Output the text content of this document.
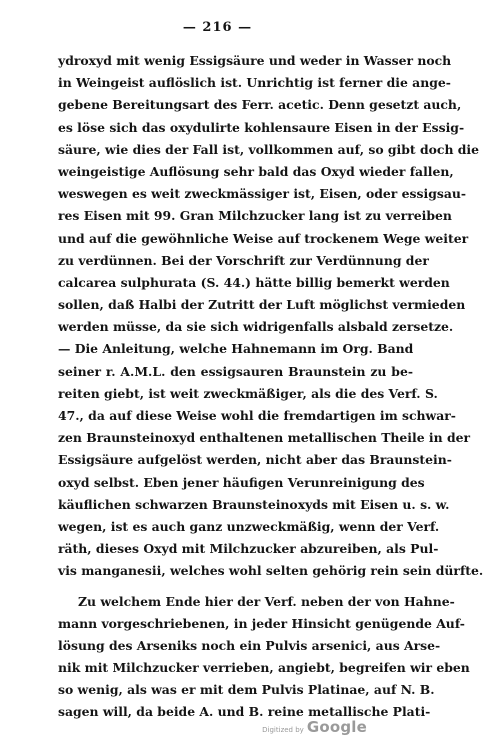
— 216 —
ydroxyd mit wenig Essigsäure und weder in Wasser noch
in Weingeist auflöslich ist. Unrichtig ist ferner die ange-
gebene Bereitungsart des Ferr. acetic. Denn gesetzt auch,
es löse sich das oxydulirte kohlensaure Eisen in der Essig-
säure, wie dies der Fall ist, vollkommen auf, so gibt doch die
weingeistige Auflösung sehr bald das Oxyd wieder fallen,
weswegen es weit zweckmässiger ist, Eisen, oder essigsau-
res Eisen mit 99. Gran Milchzucker lang ist zu verreiben
und auf die gewöhnliche Weise auf trockenem Wege weiter
zu verdünnen. Bei der Vorschrift zur Verdünnung der
calcarea sulphurata (S. 44.) hätte billig bemerkt werden
sollen, daß Halbi der Zutritt der Luft möglichst vermieden
werden müsse, da sie sich widrigenfalls alsbald zersetze.
— Die Anleitung, welche Hahnemann im Org. Band
seiner r. A.M.L. den essigsauren Braunstein zu be-
reiten giebt, ist weit zweckmäßiger, als die des Verf. S.
47., da auf diese Weise wohl die fremdartigen im schwar-
zen Braunsteinoxyd enthaltenen metallischen Theile in der
Essigsäure aufgelöst werden, nicht aber das Braunstein-
oxyd selbst. Eben jener häufigen Verunreinigung des
käuflichen schwarzen Braunsteinoxyds mit Eisen u. s. w.
wegen, ist es auch ganz unzweckmäßig, wenn der Verf.
räth, dieses Oxyd mit Milchzucker abzureiben, als Pul-
vis manganesii, welches wohl selten gehörig rein sein dürfte.
Zu welchem Ende hier der Verf. neben der von Hahne-
mann vorgeschriebenen, in jeder Hinsicht genügende Auf-
lösung des Arseniks noch ein Pulvis arsenici, aus Arse-
nik mit Milchzucker verrieben, angiebt, begreifen wir eben
so wenig, als was er mit dem Pulvis Platinae, auf N. B.
sagen will, da beide A. und B. reine metallische Plati-
Digitized by Google
